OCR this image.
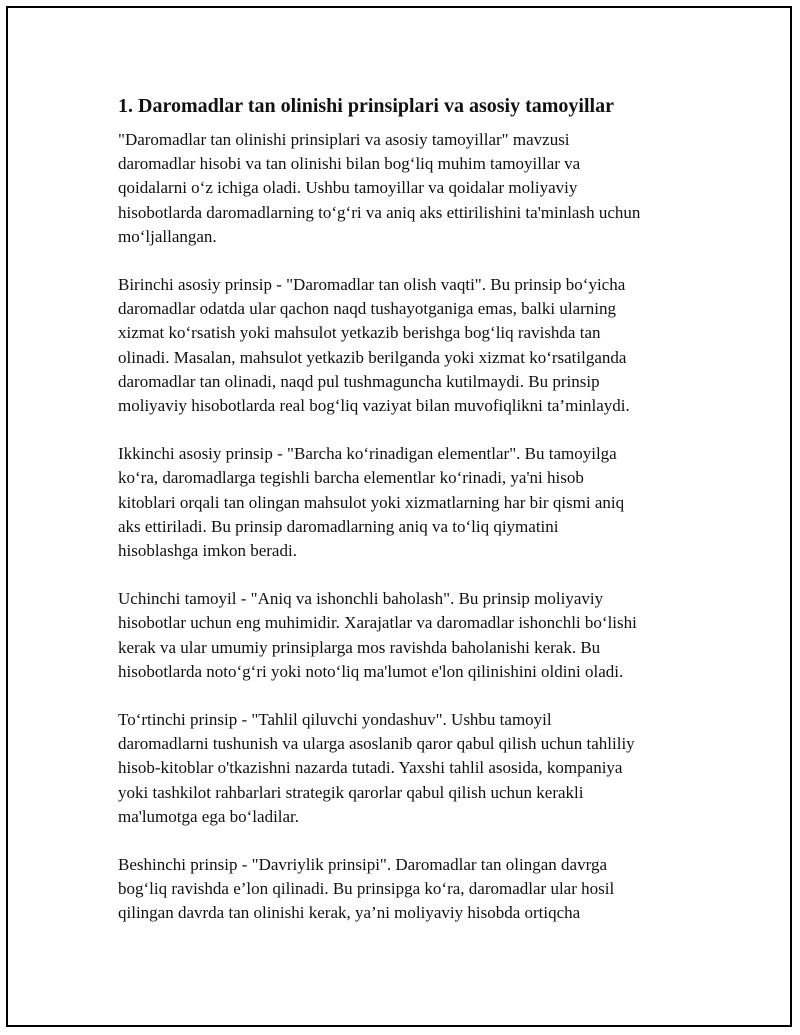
1. Daromadlar tan olinishi prinsiplari va asosiy tamoyillar

"Daromadlar tan olinishi prinsiplari va asosiy tamoyillar" mavzusi
daromadlar hisobi va tan olinishi bilan bog‘liq muhim tamoyillar va
qoidalarni o‘z ichiga oladi. Ushbu tamoyillar va qoidalar moliyaviy
hisobotlarda daromadlarning to‘g‘ri va aniq aks ettirilishini ta'minlash uchun
mo‘ljallangan.

Birinchi asosiy prinsip - "Daromadlar tan olish vaqti". Bu prinsip bo‘yicha
daromadlar odatda ular qachon naqd tushayotganiga emas, balki ularning
xizmat ko‘rsatish yoki mahsulot yetkazib berishga bog‘liq ravishda tan
olinadi. Masalan, mahsulot yetkazib berilganda yoki xizmat ko‘rsatilganda
daromadlar tan olinadi, naqd pul tushmaguncha kutilmaydi. Bu prinsip
moliyaviy hisobotlarda real bog‘liq vaziyat bilan muvofiqlikni ta’minlaydi.

Ikkinchi asosiy prinsip - "Barcha ko‘rinadigan elementlar". Bu tamoyilga
ko‘ra, daromadlarga tegishli barcha elementlar ko‘rinadi, ya'ni hisob
kitoblari orqali tan olingan mahsulot yoki xizmatlarning har bir qismi aniq
aks ettiriladi. Bu prinsip daromadlarning aniq va to‘liq qiymatini
hisoblashga imkon beradi.

Uchinchi tamoyil - "Aniq va ishonchli baholash". Bu prinsip moliyaviy
hisobotlar uchun eng muhimidir. Xarajatlar va daromadlar ishonchli bo‘lishi
kerak va ular umumiy prinsiplarga mos ravishda baholanishi kerak. Bu
hisobotlarda noto‘g‘ri yoki noto‘liq ma'lumot e'lon qilinishini oldini oladi.

To‘rtinchi prinsip - "Tahlil qiluvchi yondashuv". Ushbu tamoyil
daromadlarni tushunish va ularga asoslanib qaror qabul qilish uchun tahliliy
hisob-kitoblar o'tkazishni nazarda tutadi. Yaxshi tahlil asosida, kompaniya
yoki tashkilot rahbarlari strategik qarorlar qabul qilish uchun kerakli
ma'lumotga ega bo‘ladilar.

Beshinchi prinsip - "Davriylik prinsipi". Daromadlar tan olingan davrga
bog‘liq ravishda e’lon qilinadi. Bu prinsipga ko‘ra, daromadlar ular hosil
qilingan davrda tan olinishi kerak, ya’ni moliyaviy hisobda ortiqcha
